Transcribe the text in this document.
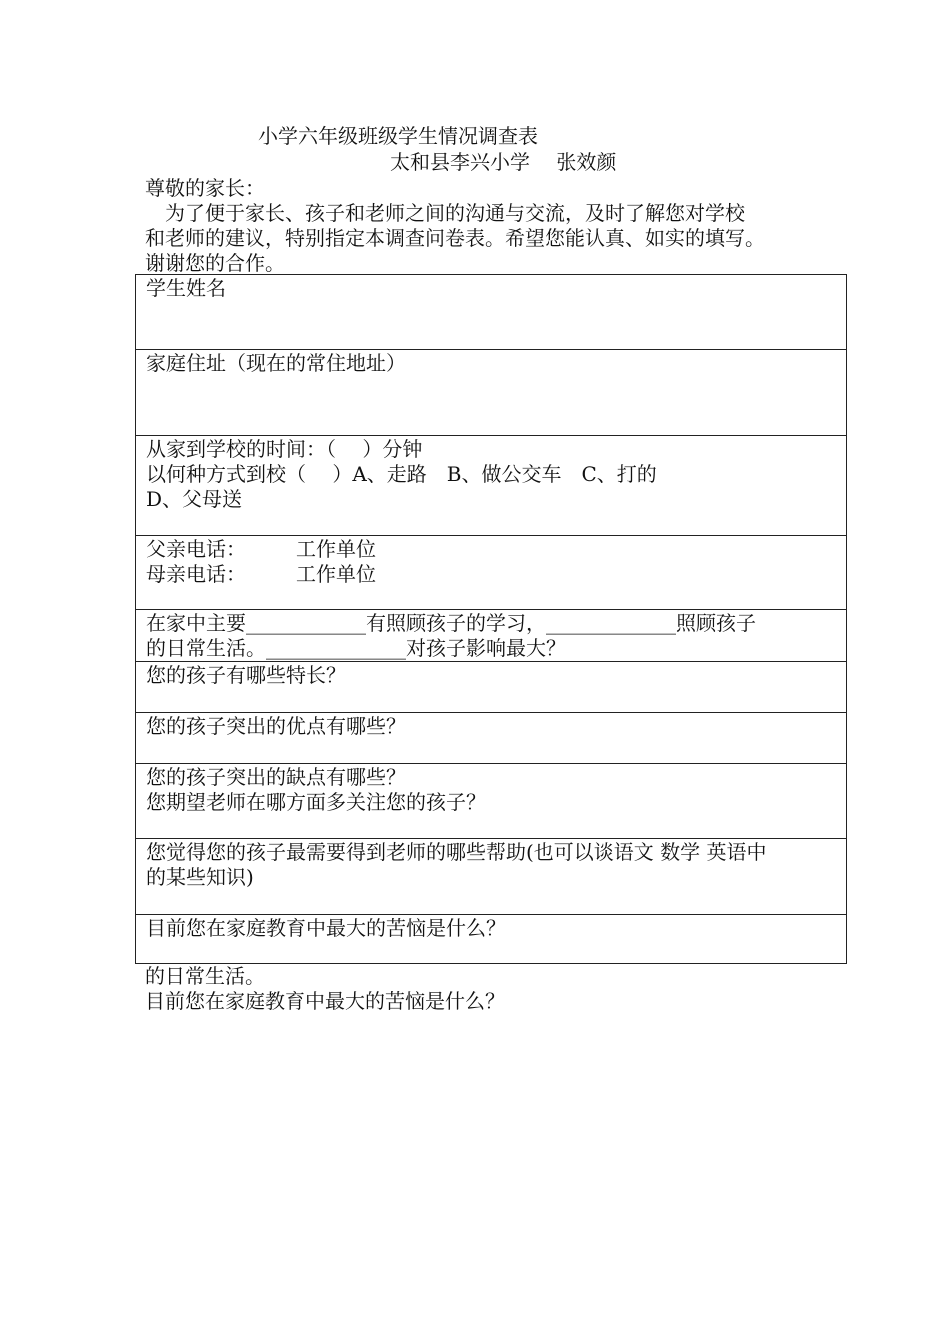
小学六年级班级学生情况调查表
太和县李兴小学　 张效颜
尊敬的家长：
为了便于家长、孩子和老师之间的沟通与交流，及时了解您对学校
和老师的建议，特别指定本调查问卷表。希望您能认真、如实的填写。
谢谢您的合作。
学生姓名
家庭住址（现在的常住地址）
从家到学校的时间：（　 ）分钟
以何种方式到校（　 ）A、走路　B、做公交车　C、打的
D、父母送
父亲电话：　　　工作单位
母亲电话：　　　工作单位
在家中主要____________有照顾孩子的学习，_____________照顾孩子
的日常生活。______________对孩子影响最大？
您的孩子有哪些特长？
您的孩子突出的优点有哪些？
您的孩子突出的缺点有哪些？
您期望老师在哪方面多关注您的孩子？
您觉得您的孩子最需要得到老师的哪些帮助(也可以谈语文 数学 英语中
的某些知识)
目前您在家庭教育中最大的苦恼是什么？
的日常生活。
目前您在家庭教育中最大的苦恼是什么？
